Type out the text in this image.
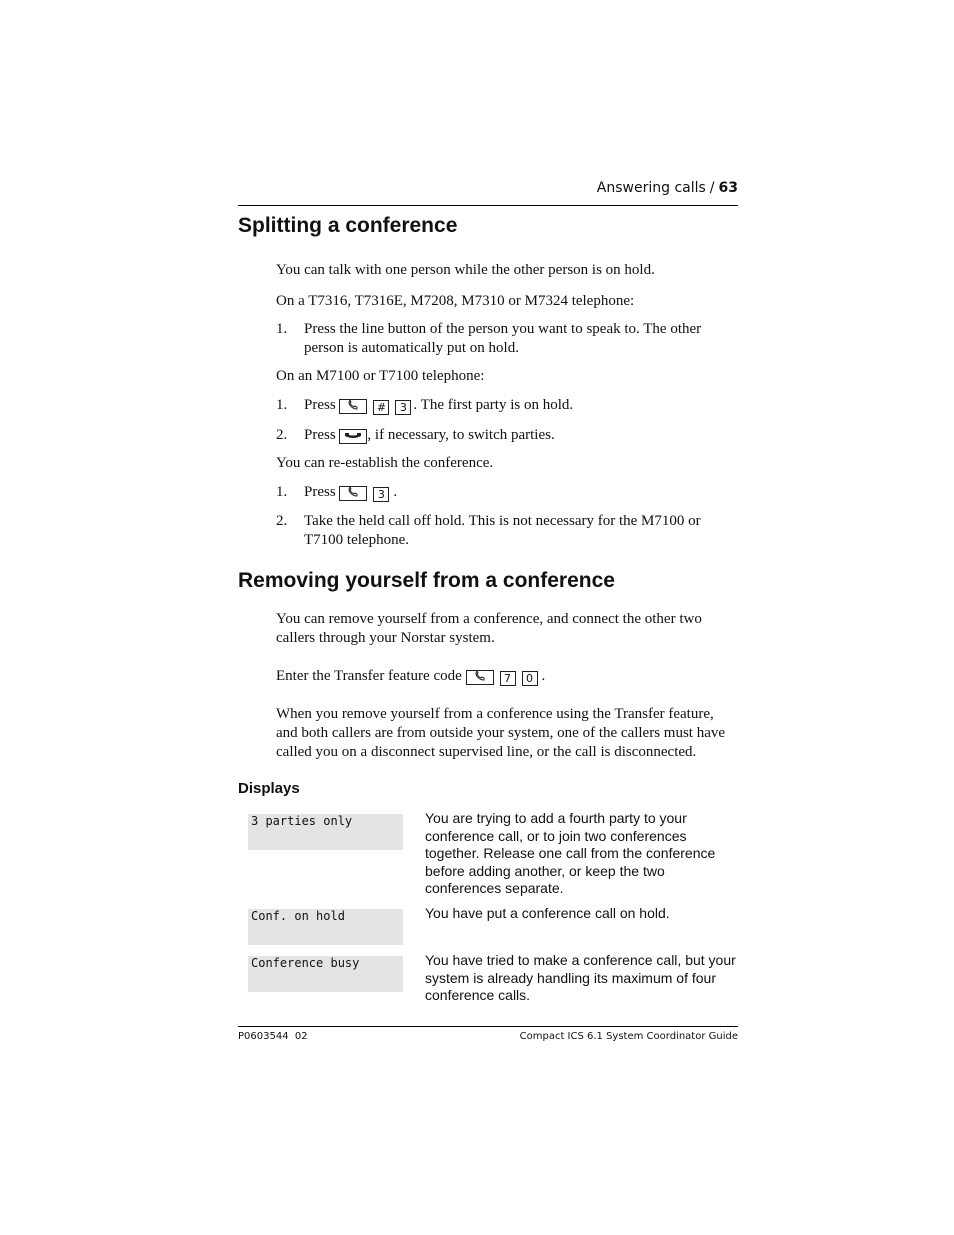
Answering calls / 63
Splitting a conference

You can talk with one person while the other person is on hold.

On a T7316, T7316E, M7208, M7310 or M7324 telephone:

1. Press the line button of the person you want to speak to. The other person is automatically put on hold.

On an M7100 or T7100 telephone:

1. Press	# 3 . The first party is on hold.
2. Press , if necessary, to switch parties.

You can re-establish the conference.

1. Press	3 .
2. Take the held call off hold. This is not necessary for the M7100 or T7100 telephone.
Removing yourself from a conference

You can remove yourself from a conference, and connect the other two callers through your Norstar system.

Enter the Transfer feature code	7 0 .

When you remove yourself from a conference using the Transfer feature, and both callers are from outside your system, one of the callers must have called you on a disconnect supervised line, or the call is disconnected.

Displays
3 parties only	You are trying to add a fourth party to your conference call, or to join two conferences together. Release one call from the conference before adding another, or keep the two conferences separate.
Conf. on hold	You have put a conference call on hold.
Conference busy	You have tried to make a conference call, but your system is already handling its maximum of four conference calls.
P0603544  02	Compact ICS 6.1 System Coordinator Guide
